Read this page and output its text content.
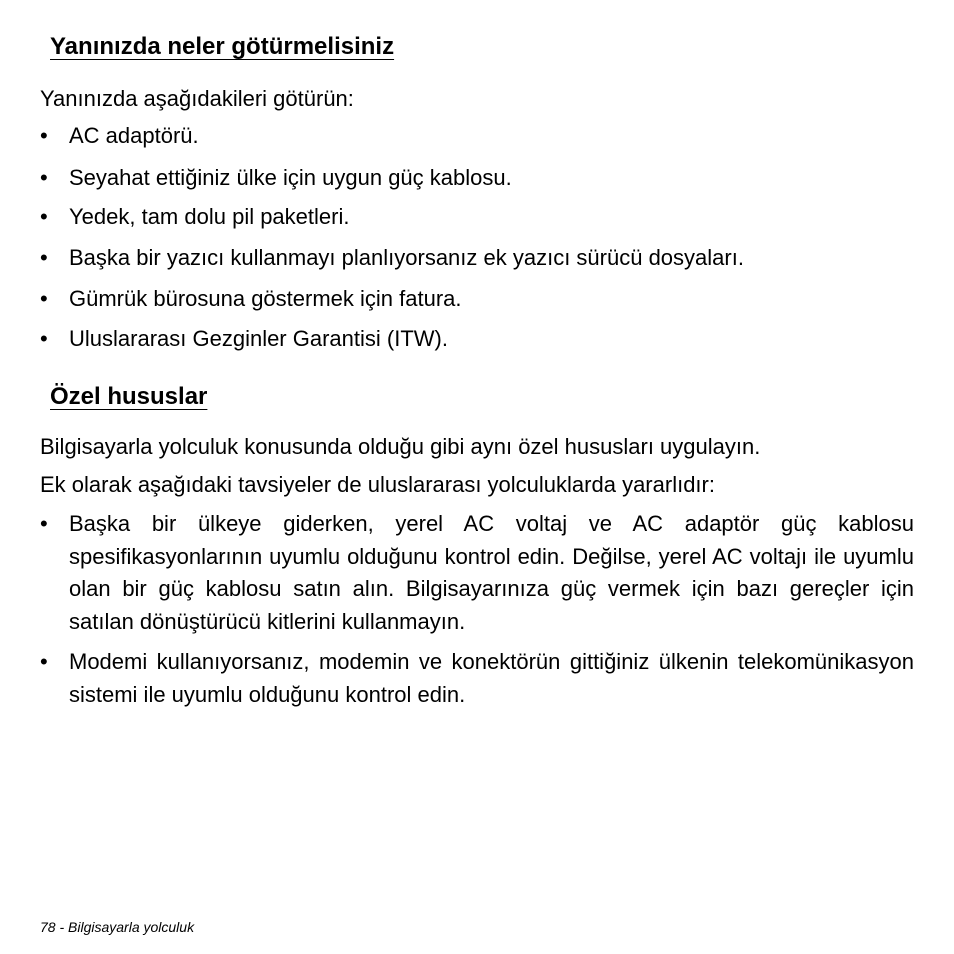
Yanınızda neler götürmelisiniz
Yanınızda aşağıdakileri götürün:
• AC adaptörü.
• Seyahat ettiğiniz ülke için uygun güç kablosu.
• Yedek, tam dolu pil paketleri.
• Başka bir yazıcı kullanmayı planlıyorsanız ek yazıcı sürücü dosyaları.
• Gümrük bürosuna göstermek için fatura.
• Uluslararası Gezginler Garantisi (ITW).
Özel hususlar
Bilgisayarla yolculuk konusunda olduğu gibi aynı özel hususları uygulayın.
Ek olarak aşağıdaki tavsiyeler de uluslararası yolculuklarda yararlıdır:
• Başka bir ülkeye giderken, yerel AC voltaj ve AC adaptör güç kablosu spesifikasyonlarının uyumlu olduğunu kontrol edin. Değilse, yerel AC voltajı ile uyumlu olan bir güç kablosu satın alın. Bilgisayarınıza güç vermek için bazı gereçler için satılan dönüştürücü kitlerini kullanmayın.
• Modemi kullanıyorsanız, modemin ve konektörün gittiğiniz ülkenin telekomünikasyon sistemi ile uyumlu olduğunu kontrol edin.
78 - Bilgisayarla yolculuk
